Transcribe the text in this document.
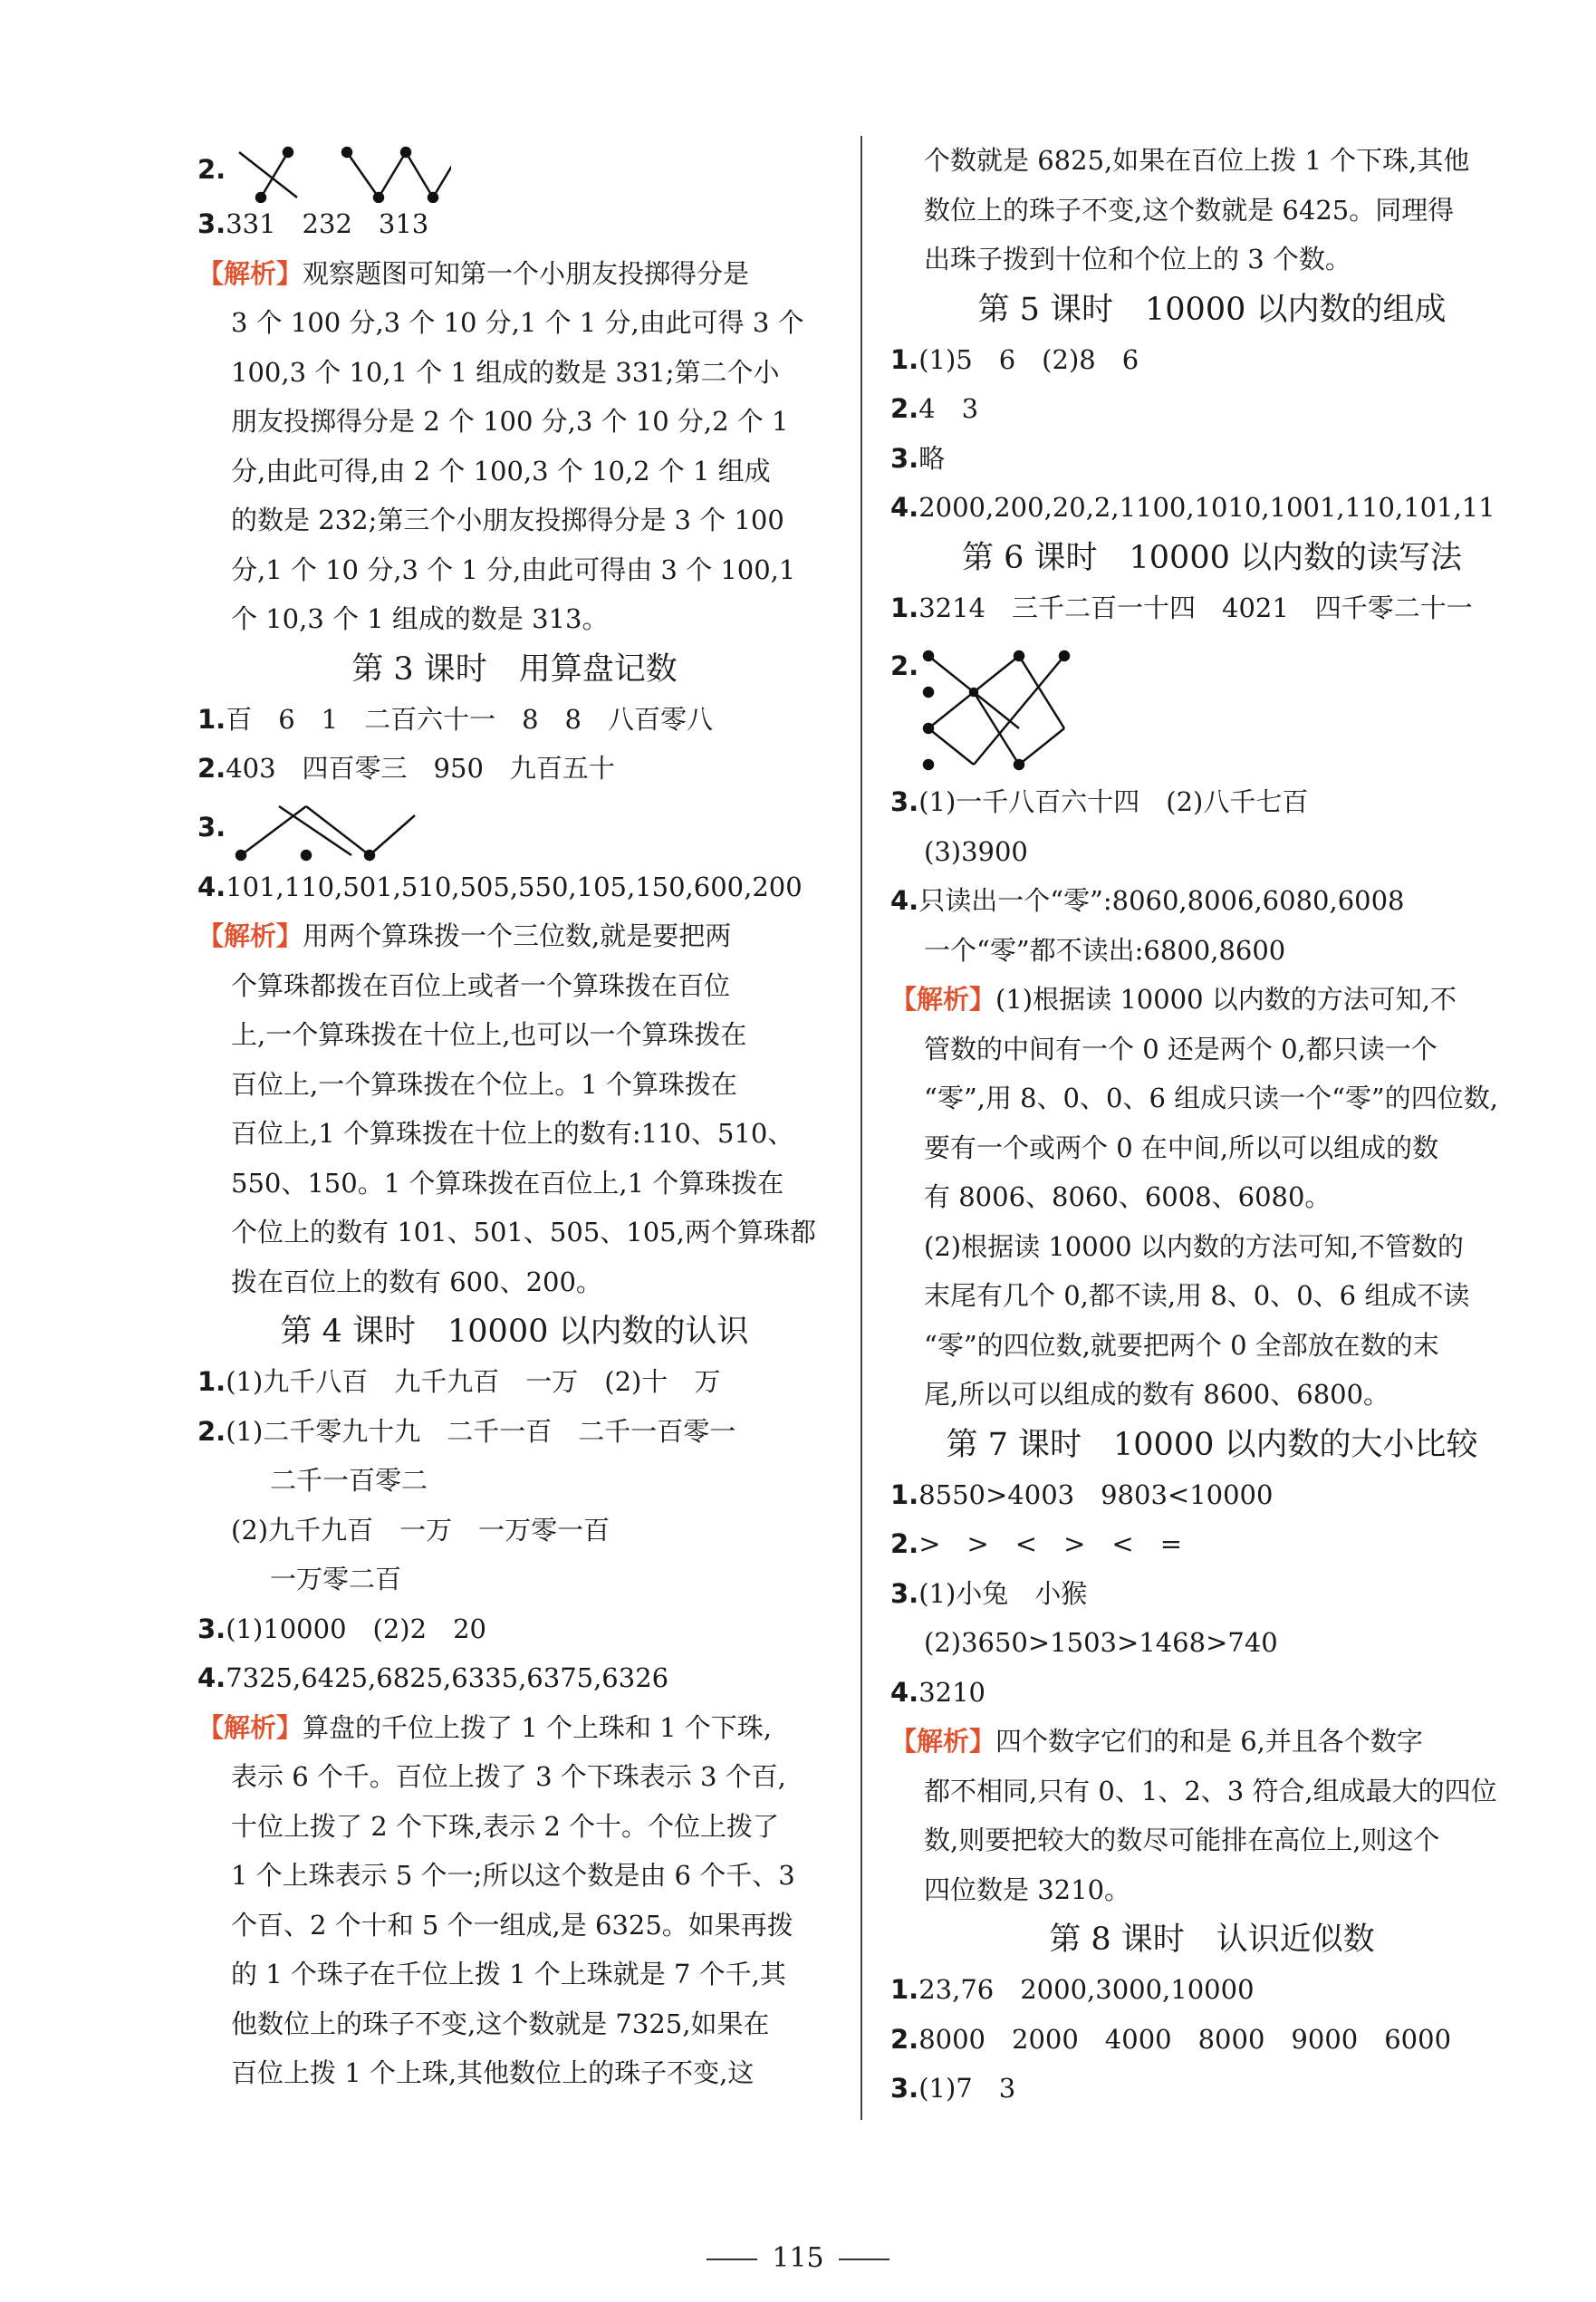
2.
3.331　232　313
【解析】观察题图可知第一个小朋友投掷得分是
3 个 100 分,3 个 10 分,1 个 1 分,由此可得 3 个
100,3 个 10,1 个 1 组成的数是 331;第二个小
朋友投掷得分是 2 个 100 分,3 个 10 分,2 个 1
分,由此可得,由 2 个 100,3 个 10,2 个 1 组成
的数是 232;第三个小朋友投掷得分是 3 个 100
分,1 个 10 分,3 个 1 分,由此可得由 3 个 100,1
个 10,3 个 1 组成的数是 313。
第 3 课时　用算盘记数
1.百　6　1　二百六十一　8　8　八百零八
2.403　四百零三　950　九百五十
3.
4.101,110,501,510,505,550,105,150,600,200
【解析】用两个算珠拨一个三位数,就是要把两
个算珠都拨在百位上或者一个算珠拨在百位
上,一个算珠拨在十位上,也可以一个算珠拨在
百位上,一个算珠拨在个位上。1 个算珠拨在
百位上,1 个算珠拨在十位上的数有:110、510、
550、150。1 个算珠拨在百位上,1 个算珠拨在
个位上的数有 101、501、505、105,两个算珠都
拨在百位上的数有 600、200。
第 4 课时　10000 以内数的认识
1.(1)九千八百　九千九百　一万　(2)十　万
2.(1)二千零九十九　二千一百　二千一百零一
二千一百零二
(2)九千九百　一万　一万零一百
一万零二百
3.(1)10000　(2)2　20
4.7325,6425,6825,6335,6375,6326
【解析】算盘的千位上拨了 1 个上珠和 1 个下珠,
表示 6 个千。百位上拨了 3 个下珠表示 3 个百,
十位上拨了 2 个下珠,表示 2 个十。个位上拨了
1 个上珠表示 5 个一;所以这个数是由 6 个千、3
个百、2 个十和 5 个一组成,是 6325。如果再拨
的 1 个珠子在千位上拨 1 个上珠就是 7 个千,其
他数位上的珠子不变,这个数就是 7325,如果在
百位上拨 1 个上珠,其他数位上的珠子不变,这
个数就是 6825,如果在百位上拨 1 个下珠,其他
数位上的珠子不变,这个数就是 6425。同理得
出珠子拨到十位和个位上的 3 个数。
第 5 课时　10000 以内数的组成
1.(1)5　6　(2)8　6
2.4　3
3.略
4.2000,200,20,2,1100,1010,1001,110,101,11
第 6 课时　10000 以内数的读写法
1.3214　三千二百一十四　4021　四千零二十一
2.
3.(1)一千八百六十四　(2)八千七百
(3)3900
4.只读出一个“零”:8060,8006,6080,6008
一个“零”都不读出:6800,8600
【解析】(1)根据读 10000 以内数的方法可知,不
管数的中间有一个 0 还是两个 0,都只读一个
“零”,用 8、0、0、6 组成只读一个“零”的四位数,
要有一个或两个 0 在中间,所以可以组成的数
有 8006、8060、6008、6080。
(2)根据读 10000 以内数的方法可知,不管数的
末尾有几个 0,都不读,用 8、0、0、6 组成不读
“零”的四位数,就要把两个 0 全部放在数的末
尾,所以可以组成的数有 8600、6800。
第 7 课时　10000 以内数的大小比较
1.8550>4003　9803<10000
2.>　>　<　>　<　=
3.(1)小兔　小猴
(2)3650>1503>1468>740
4.3210
【解析】四个数字它们的和是 6,并且各个数字
都不相同,只有 0、1、2、3 符合,组成最大的四位
数,则要把较大的数尽可能排在高位上,则这个
四位数是 3210。
第 8 课时　认识近似数
1.23,76　2000,3000,10000
2.8000　2000　4000　8000　9000　6000
3.(1)7　3
115
